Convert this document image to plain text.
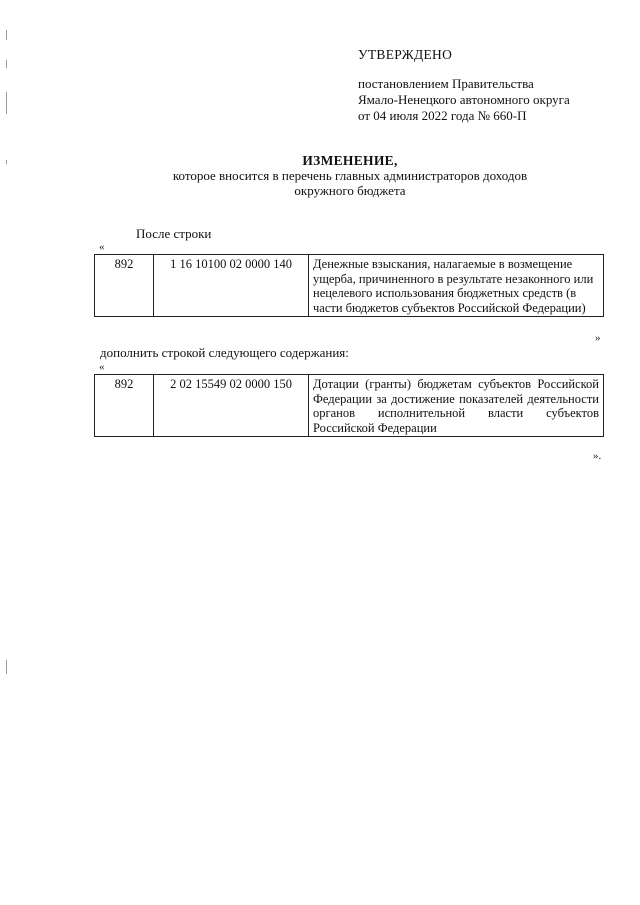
УТВЕРЖДЕНО
постановлением Правительства
Ямало-Ненецкого автономного округа
от 04 июля 2022 года № 660-П
ИЗМЕНЕНИЕ,
которое вносится в перечень главных администраторов доходов
окружного бюджета
После строки
«
892	1 16 10100 02 0000 140	Денежные взыскания, налагаемые в возмещение ущерба, причиненного в результате незаконного или нецелевого использования бюджетных средств (в части бюджетов субъектов Российской Федерации)
»
дополнить строкой следующего содержания:
«
892	2 02 15549 02 0000 150	Дотации (гранты) бюджетам субъектов Российской Федерации за достижение показателей деятельности органов исполнительной власти субъектов Российской Федерации
».
